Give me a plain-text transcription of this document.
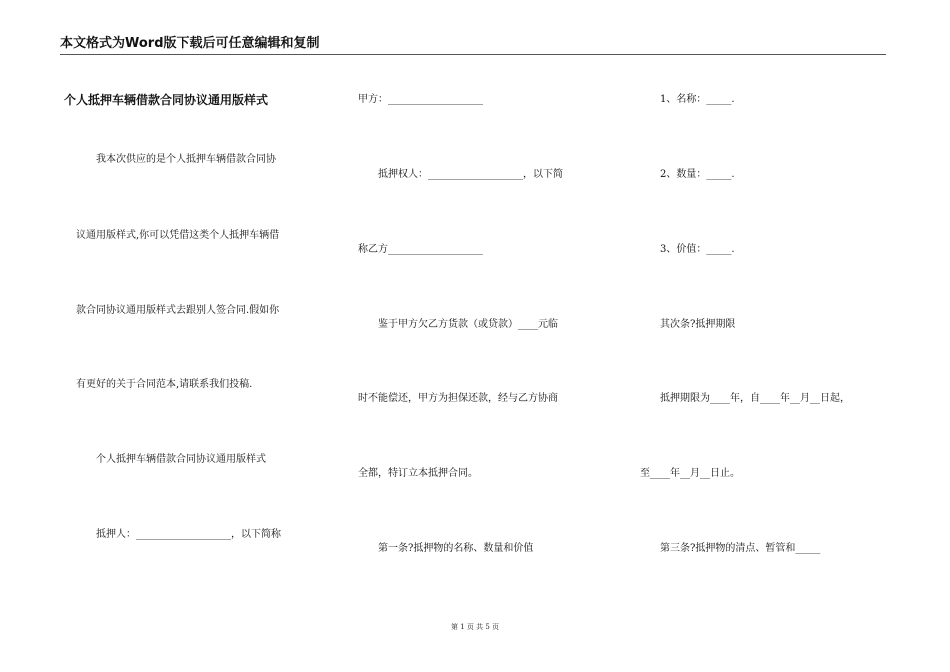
本文格式为Word版下载后可任意编辑和复制
个人抵押车辆借款合同协议通用版样式
　　我本次供应的是个人抵押车辆借款合同协
议通用版样式,你可以凭借这类个人抵押车辆借
款合同协议通用版样式去跟别人签合同.假如你
有更好的关于合同范本,请联系我们投稿.
　　个人抵押车辆借款合同协议通用版样式
　　抵押人：___________________，以下简称
甲方：___________________
　　抵押权人：___________________，以下简
称乙方___________________
　　鉴于甲方欠乙方货款（或贷款）____元临
时不能偿还，甲方为担保还款，经与乙方协商
全都，特订立本抵押合同。
　　第一条?抵押物的名称、数量和价值
　　1、名称：_____.
　　2、数量：_____.
　　3、价值：_____.
　　其次条?抵押期限
　　抵押期限为____年，自____年__月__日起，
至____年__月__日止。
　　第三条?抵押物的清点、暂管和_____
第 1 页 共 5 页
